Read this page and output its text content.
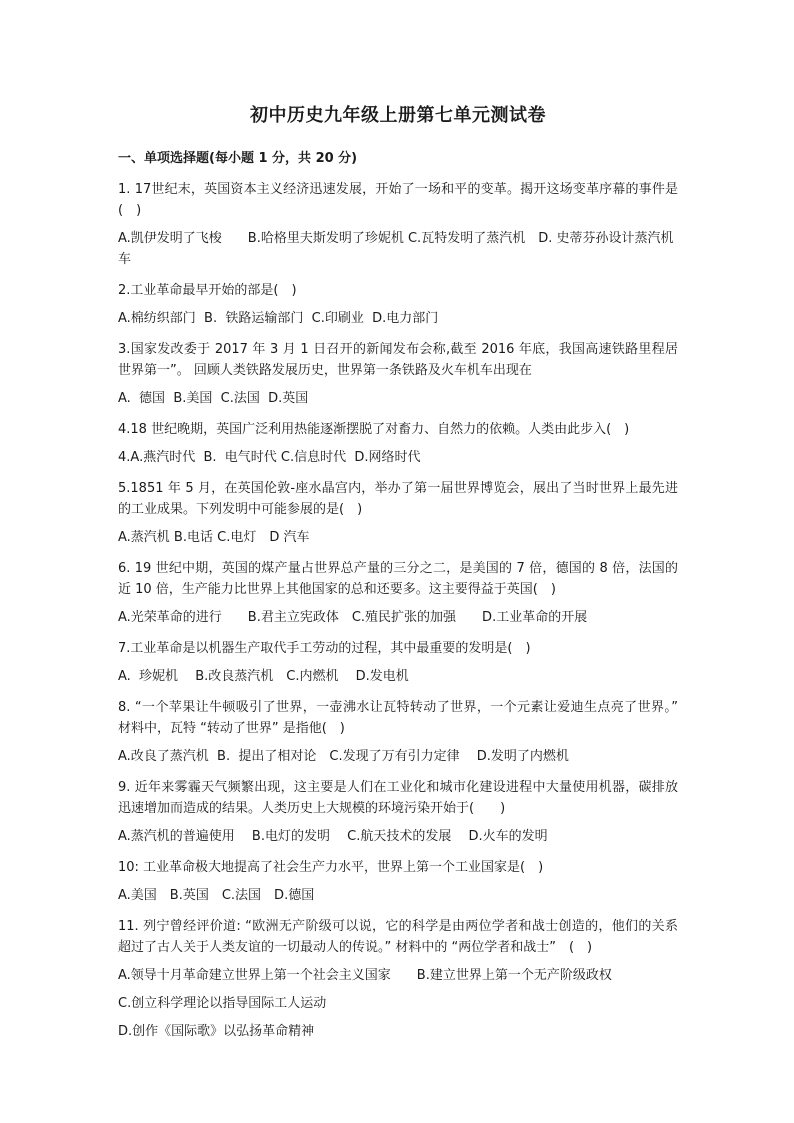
初中历史九年级上册第七单元测试卷
一、单项选择题(每小题 1 分，共 20 分)
1. 17世纪末，英国资本主义经济迅速发展，开始了一场和平的变革。揭开这场变革序幕的事件是(　)
A.凯伊发明了飞梭　　B.哈格里夫斯发明了珍妮机 C.瓦特发明了蒸汽机　D. 史蒂芬孙设计蒸汽机车
2.工业革命最早开始的部是(　)
A.棉纺织部门  B.  铁路运输部门  C.印刷业  D.电力部门
3.国家发改委于 2017 年 3 月 1 日召开的新闻发布会称,截至 2016 年底，我国高速铁路里程居世界第一”。 回顾人类铁路发展历史，世界第一条铁路及火车机车出现在
A.  德国  B.美国  C.法国  D.英国
4.18 世纪晚期，英国广泛利用热能逐渐摆脱了对畜力、自然力的依赖。人类由此步入(　)
4.A.燕汽时代  B.  电气时代 C.信息时代  D.网络时代
5.1851 年 5 月，在英国伦敦-座水晶宫内，举办了第一届世界博览会，展出了当时世界上最先进的工业成果。下列发明中可能参展的是(　)
A.蒸汽机 B.电话 C.电灯　D 汽车
6. 19 世纪中期，英国的煤产量占世界总产量的三分之二，是美国的 7 倍，德国的 8 倍，法国的近 10 倍，生产能力比世界上其他国家的总和还要多。这主要得益于英国(　)
A.光荣革命的进行　　B.君主立宪政体　C.殖民扩张的加强　　D.工业革命的开展
7.工业革命是以机器生产取代手工劳动的过程，其中最重要的发明是(　)
A.  珍妮机　 B.改良蒸汽机　C.内燃机　 D.发电机
8. “一个苹果让牛顿吸引了世界，一壶沸水让瓦特转动了世界，一个元素让爱迪生点亮了世界。” 材料中，瓦特 “转动了世界” 是指他(　)
A.改良了蒸汽机  B.  提出了相对论　C.发现了万有引力定律　 D.发明了内燃机
9. 近年来雾霾天气频繁出现，这主要是人们在工业化和城市化建设进程中大量使用机器，碳排放迅速增加而造成的结果。人类历史上大规模的环境污染开始于(　　)
A.蒸汽机的普遍使用　 B.电灯的发明　 C.航天技术的发展　 D.火车的发明
10: 工业革命极大地提高了社会生产力水平，世界上第一个工业国家是(　)
A.美国　B.英国　C.法国　D.德国
11. 列宁曾经评价道: “欧洲无产阶级可以说，它的科学是由两位学者和战士创造的，他们的关系超过了古人关于人类友谊的一切最动人的传说。” 材料中的 “两位学者和战士”　(　)
A.领导十月革命建立世界上第一个社会主义国家　　B.建立世界上第一个无产阶级政权
C.创立科学理论以指导国际工人运动
D.创作《国际歌》以弘扬革命精神
